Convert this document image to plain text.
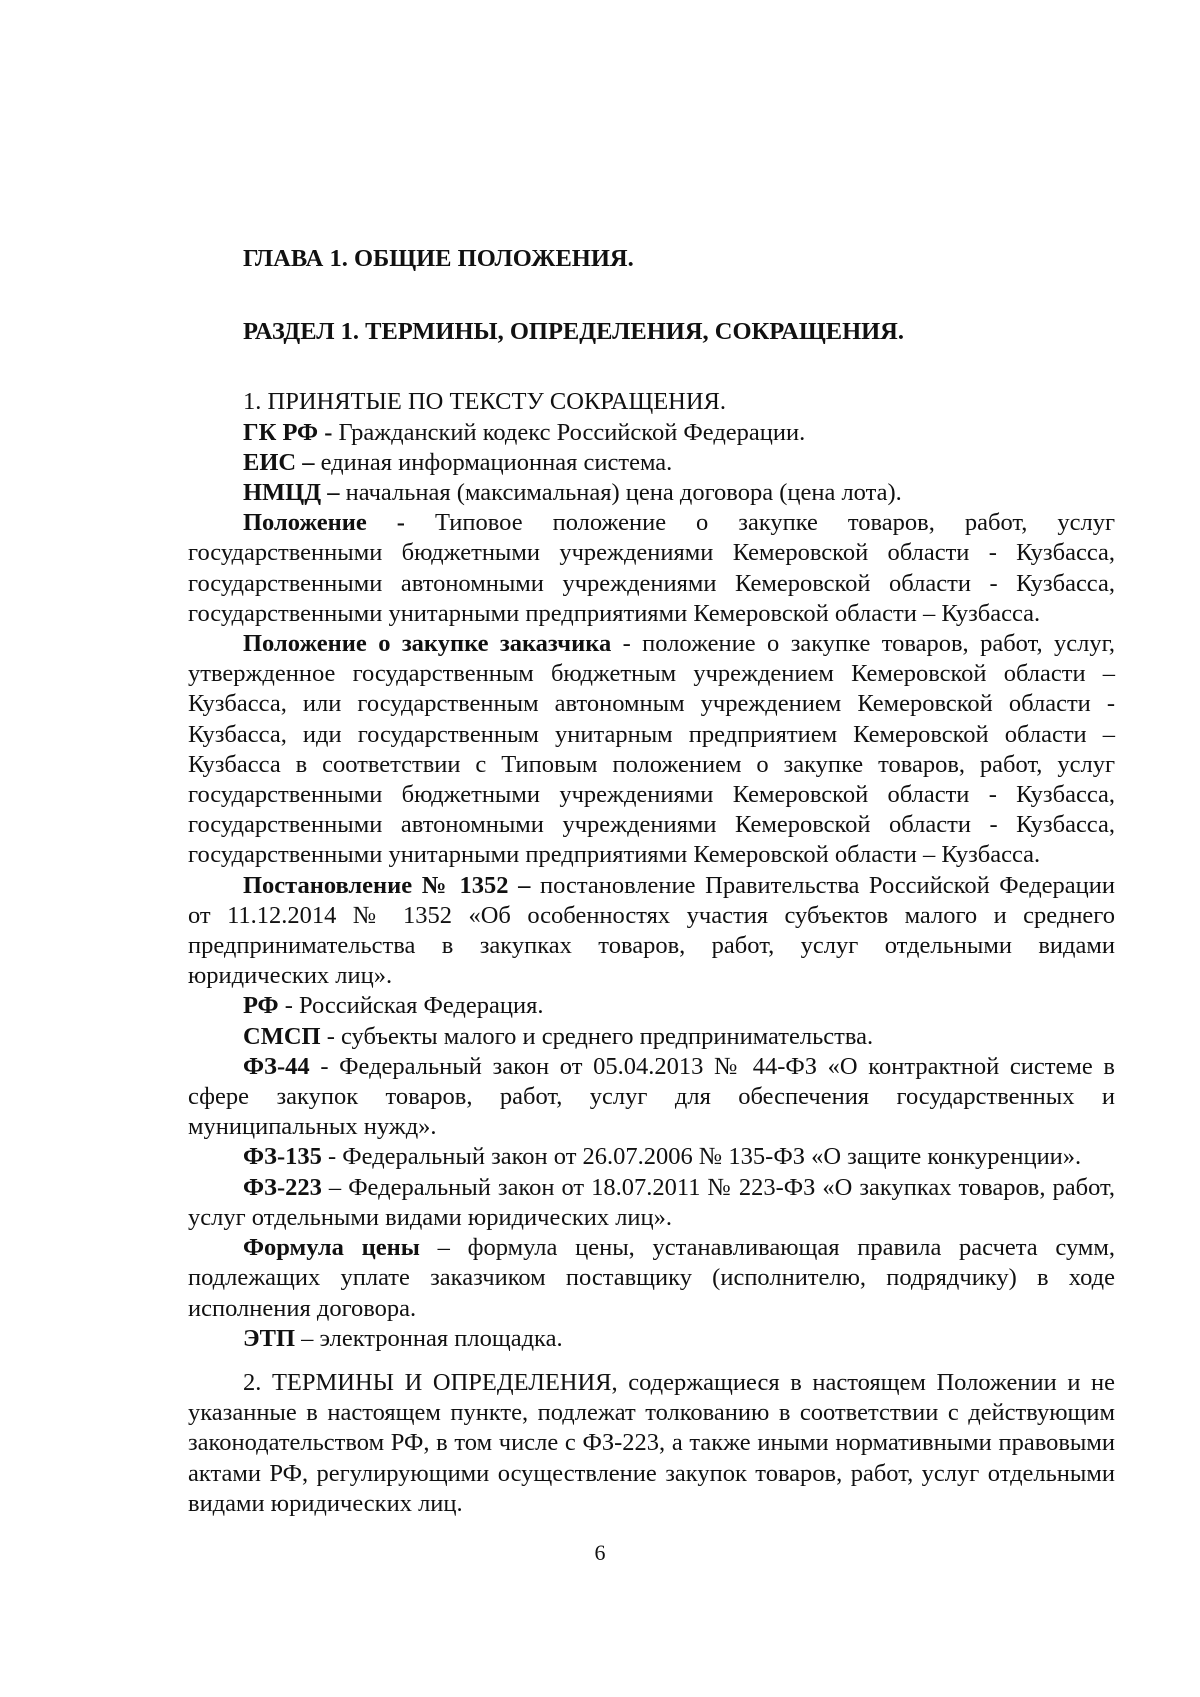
ГЛАВА 1. ОБЩИЕ ПОЛОЖЕНИЯ.

РАЗДЕЛ 1. ТЕРМИНЫ, ОПРЕДЕЛЕНИЯ, СОКРАЩЕНИЯ.

1. ПРИНЯТЫЕ ПО ТЕКСТУ СОКРАЩЕНИЯ.

ГК РФ - Гражданский кодекс Российской Федерации.

ЕИС – единая информационная система.

НМЦД – начальная (максимальная) цена договора (цена лота).

Положение - Типовое положение о закупке товаров, работ, услуг государственными бюджетными учреждениями Кемеровской области - Кузбасса, государственными автономными учреждениями Кемеровской области - Кузбасса, государственными унитарными предприятиями Кемеровской области – Кузбасса.

Положение о закупке заказчика - положение о закупке товаров, работ, услуг, утвержденное государственным бюджетным учреждением Кемеровской области – Кузбасса, или государственным автономным учреждением Кемеровской области - Кузбасса, иди государственным унитарным предприятием Кемеровской области – Кузбасса в соответствии с Типовым положением о закупке товаров, работ, услуг государственными бюджетными учреждениями Кемеровской области - Кузбасса, государственными автономными учреждениями Кемеровской области - Кузбасса, государственными унитарными предприятиями Кемеровской области – Кузбасса.

Постановление № 1352 – постановление Правительства Российской Федерации от 11.12.2014 № 1352 «Об особенностях участия субъектов малого и среднего предпринимательства в закупках товаров, работ, услуг отдельными видами юридических лиц».

РФ - Российская Федерация.

СМСП - субъекты малого и среднего предпринимательства.

ФЗ-44 - Федеральный закон от 05.04.2013 № 44-ФЗ «О контрактной системе в сфере закупок товаров, работ, услуг для обеспечения государственных и муниципальных нужд».

ФЗ-135 - Федеральный закон от 26.07.2006 № 135-ФЗ «О защите конкуренции».

ФЗ-223 – Федеральный закон от 18.07.2011 № 223-ФЗ «О закупках товаров, работ, услуг отдельными видами юридических лиц».

Формула цены – формула цены, устанавливающая правила расчета сумм, подлежащих уплате заказчиком поставщику (исполнителю, подрядчику) в ходе исполнения договора.

ЭТП – электронная площадка.

2. ТЕРМИНЫ И ОПРЕДЕЛЕНИЯ, содержащиеся в настоящем Положении и не указанные в настоящем пункте, подлежат толкованию в соответствии с действующим законодательством РФ, в том числе с ФЗ-223, а также иными нормативными правовыми актами РФ, регулирующими осуществление закупок товаров, работ, услуг отдельными видами юридических лиц.

6
